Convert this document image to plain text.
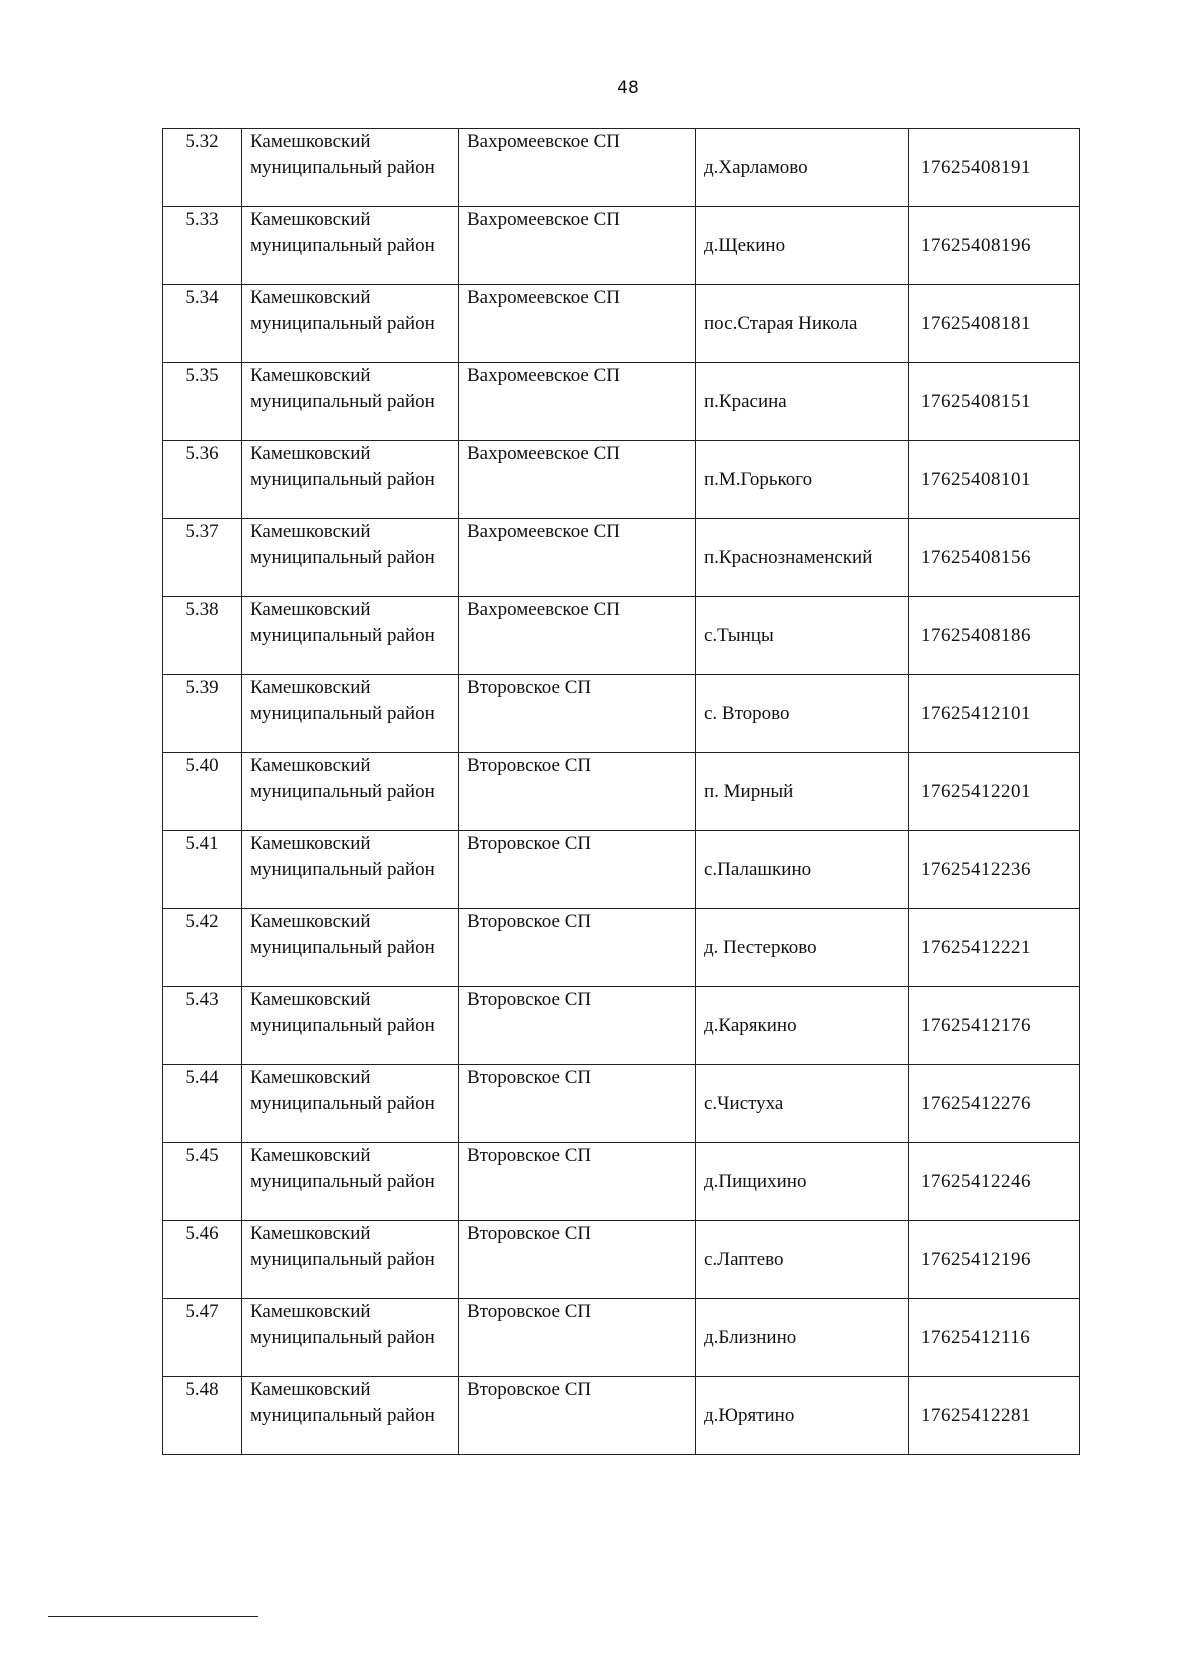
48
5.32	Камешковский муниципальный район	Вахромеевское СП	д.Харламово	17625408191
5.33	Камешковский муниципальный район	Вахромеевское СП	д.Щекино	17625408196
5.34	Камешковский муниципальный район	Вахромеевское СП	пос.Старая Никола	17625408181
5.35	Камешковский муниципальный район	Вахромеевское СП	п.Красина	17625408151
5.36	Камешковский муниципальный район	Вахромеевское СП	п.М.Горького	17625408101
5.37	Камешковский муниципальный район	Вахромеевское СП	п.Краснознаменский	17625408156
5.38	Камешковский муниципальный район	Вахромеевское СП	с.Тынцы	17625408186
5.39	Камешковский муниципальный район	Второвское СП	с. Второво	17625412101
5.40	Камешковский муниципальный район	Второвское СП	п. Мирный	17625412201
5.41	Камешковский муниципальный район	Второвское СП	с.Палашкино	17625412236
5.42	Камешковский муниципальный район	Второвское СП	д. Пестерково	17625412221
5.43	Камешковский муниципальный район	Второвское СП	д.Карякино	17625412176
5.44	Камешковский муниципальный район	Второвское СП	с.Чистуха	17625412276
5.45	Камешковский муниципальный район	Второвское СП	д.Пищихино	17625412246
5.46	Камешковский муниципальный район	Второвское СП	с.Лаптево	17625412196
5.47	Камешковский муниципальный район	Второвское СП	д.Близнино	17625412116
5.48	Камешковский муниципальный район	Второвское СП	д.Юрятино	17625412281
